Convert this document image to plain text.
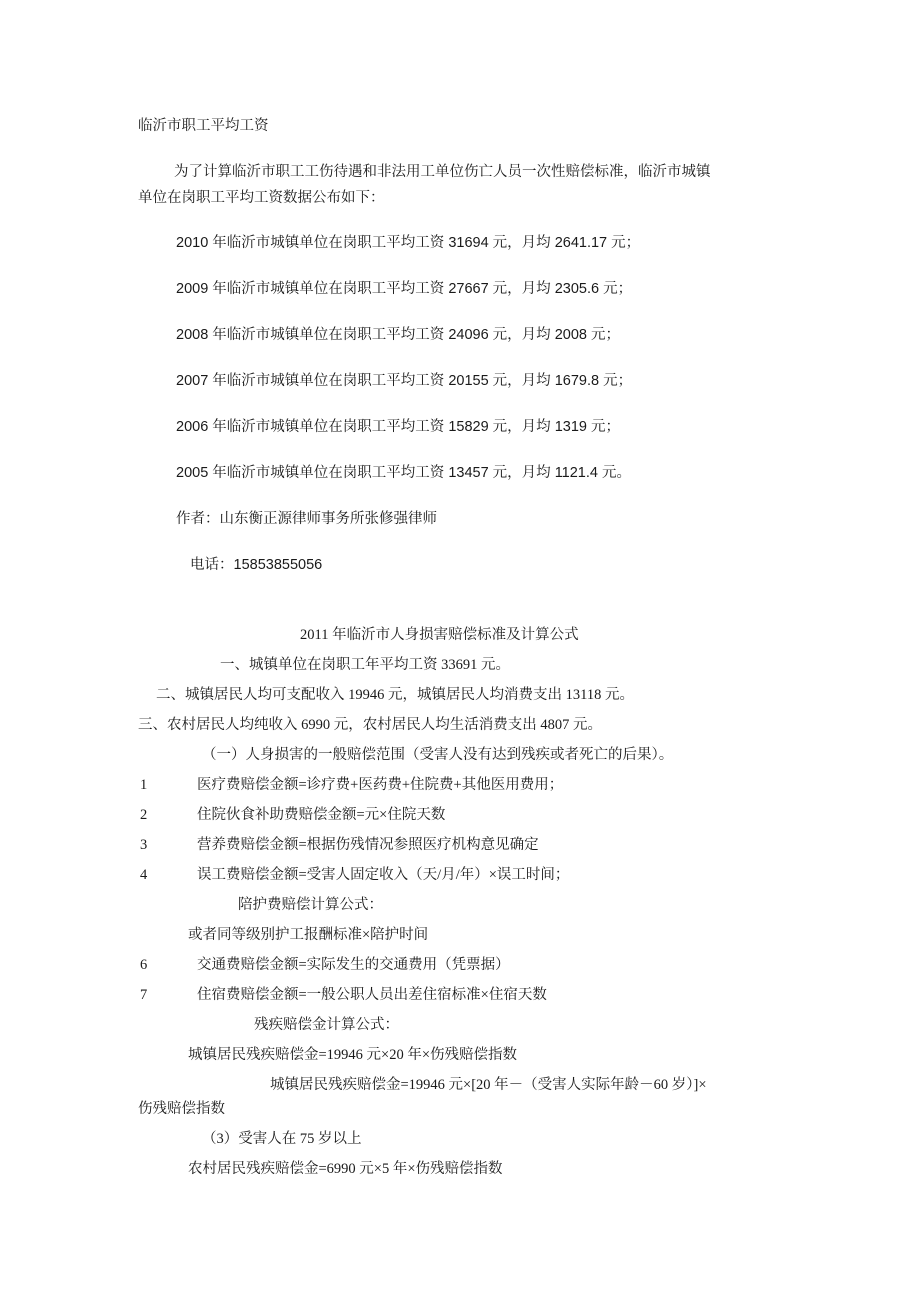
临沂市职工平均工资
为了计算临沂市职工工伤待遇和非法用工单位伤亡人员一次性赔偿标准，临沂市城镇
单位在岗职工平均工资数据公布如下：
2010 年临沂市城镇单位在岗职工平均工资 31694 元，月均 2641.17 元；
2009 年临沂市城镇单位在岗职工平均工资 27667 元，月均 2305.6 元；
2008 年临沂市城镇单位在岗职工平均工资 24096 元，月均 2008 元；
2007 年临沂市城镇单位在岗职工平均工资 20155 元，月均 1679.8 元；
2006 年临沂市城镇单位在岗职工平均工资 15829 元，月均 1319 元；
2005 年临沂市城镇单位在岗职工平均工资 13457 元，月均 1121.4 元。
作者：山东衡正源律师事务所张修强律师
电话：15853855056
2011 年临沂市人身损害赔偿标准及计算公式
一、城镇单位在岗职工年平均工资 33691 元。
二、城镇居民人均可支配收入 19946 元，城镇居民人均消费支出 13118 元。
三、农村居民人均纯收入 6990 元，农村居民人均生活消费支出 4807 元。
（一）人身损害的一般赔偿范围（受害人没有达到残疾或者死亡的后果）。
1	医疗费赔偿金额=诊疗费+医药费+住院费+其他医用费用；
2	住院伙食补助费赔偿金额=元×住院天数
3	营养费赔偿金额=根据伤残情况参照医疗机构意见确定
4	误工费赔偿金额=受害人固定收入（天/月/年）×误工时间；
陪护费赔偿计算公式：
或者同等级别护工报酬标准×陪护时间
6	交通费赔偿金额=实际发生的交通费用（凭票据）
7	住宿费赔偿金额=一般公职人员出差住宿标准×住宿天数
残疾赔偿金计算公式：
城镇居民残疾赔偿金=19946 元×20 年×伤残赔偿指数
城镇居民残疾赔偿金=19946 元×[20 年－（受害人实际年龄－60 岁）]×
伤残赔偿指数
（3）受害人在 75 岁以上
农村居民残疾赔偿金=6990 元×5 年×伤残赔偿指数
